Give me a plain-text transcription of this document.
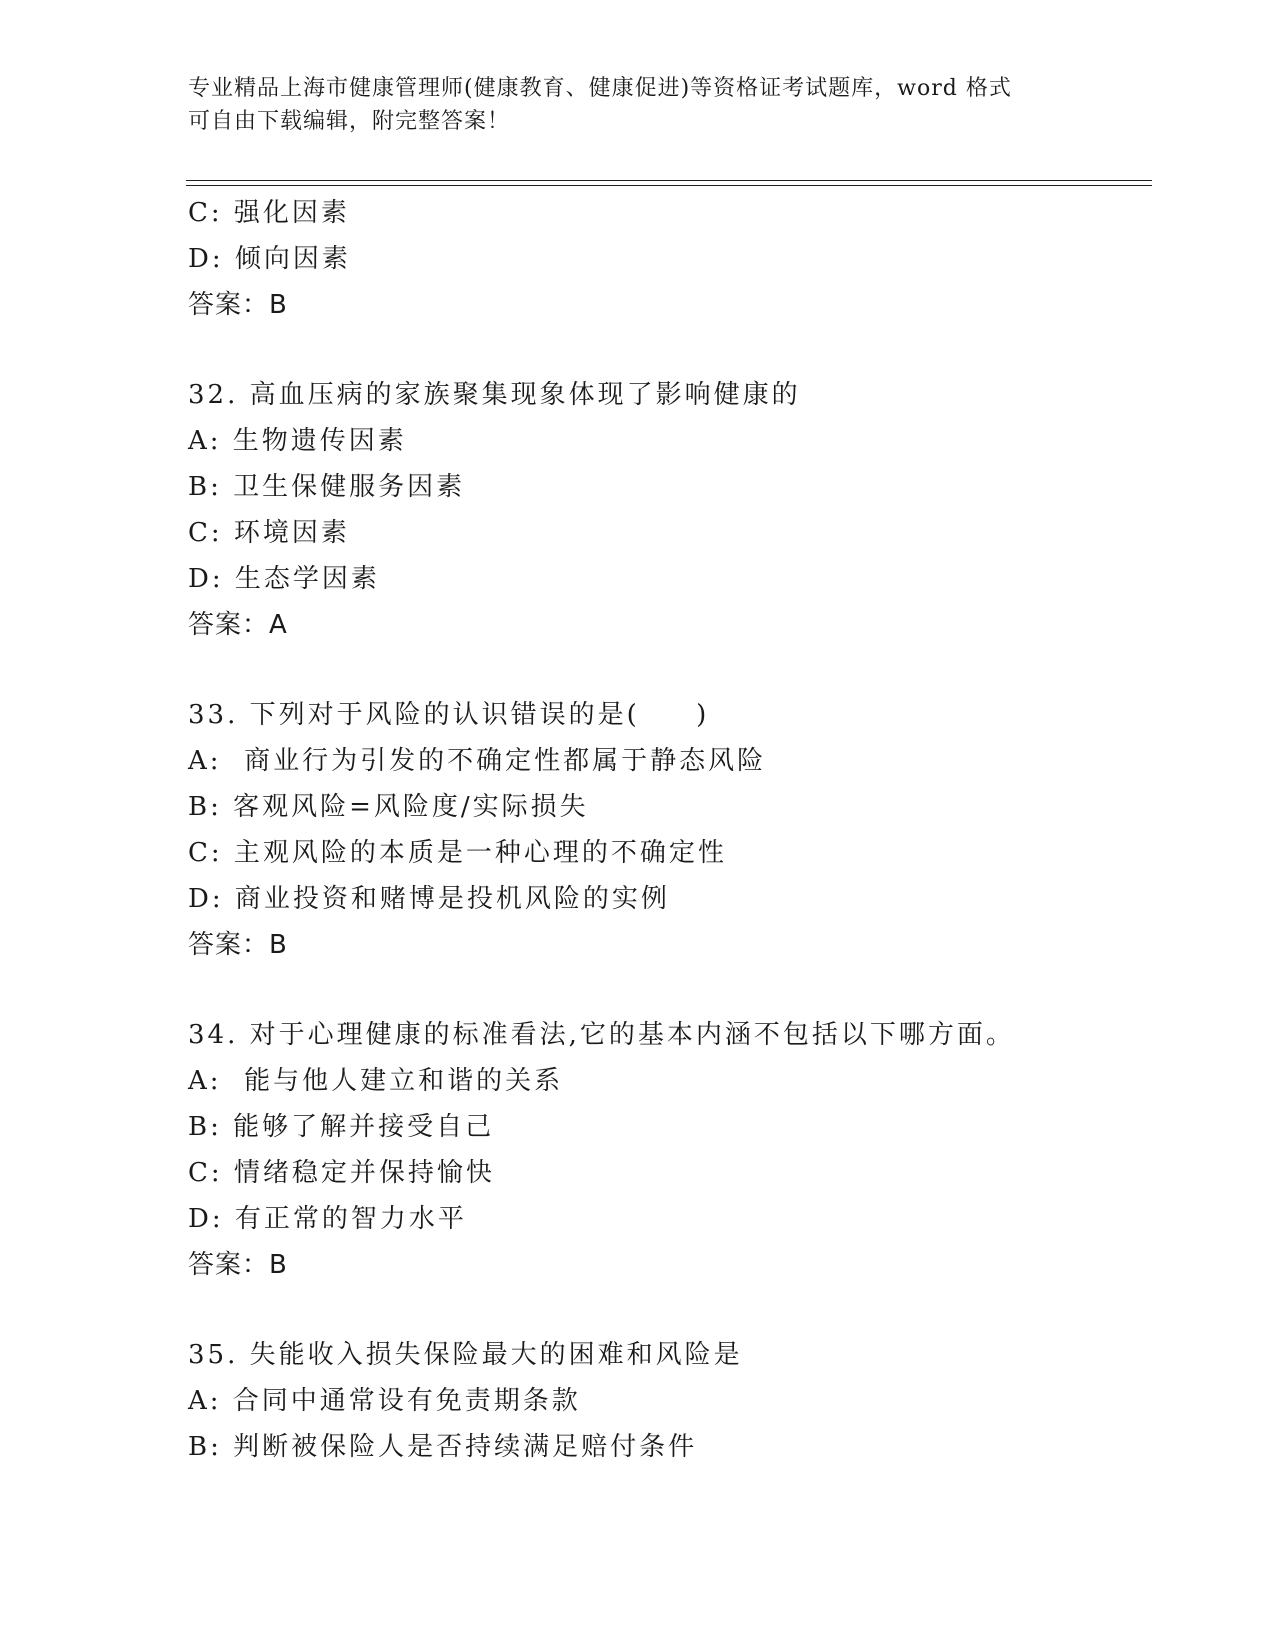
专业精品上海市健康管理师(健康教育、健康促进)等资格证考试题库，word 格式
可自由下载编辑，附完整答案！
C: 强化因素
D: 倾向因素
答案：B
32. 高血压病的家族聚集现象体现了影响健康的
A: 生物遗传因素
B: 卫生保健服务因素
C: 环境因素
D: 生态学因素
答案：A
33. 下列对于风险的认识错误的是(     )
A:  商业行为引发的不确定性都属于静态风险
B: 客观风险=风险度/实际损失
C: 主观风险的本质是一种心理的不确定性
D: 商业投资和赌博是投机风险的实例
答案：B
34. 对于心理健康的标准看法,它的基本内涵不包括以下哪方面。
A:  能与他人建立和谐的关系
B: 能够了解并接受自己
C: 情绪稳定并保持愉快
D: 有正常的智力水平
答案：B
35. 失能收入损失保险最大的困难和风险是
A: 合同中通常设有免责期条款
B: 判断被保险人是否持续满足赔付条件
